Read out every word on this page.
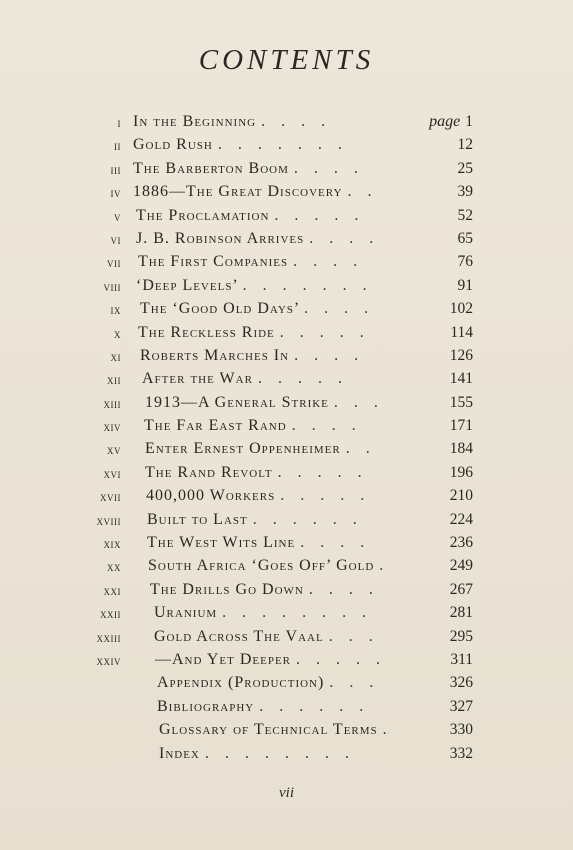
CONTENTS
i In the Beginning . . . .	page 1
ii Gold Rush . . . . . . .	12
iii The Barberton Boom . . . .	25
iv 1886—The Great Discovery . .	39
v The Proclamation . . . . .	52
vi J. B. Robinson Arrives . . . .	65
vii The First Companies . . . .	76
viii ‘Deep Levels’ . . . . . . .	91
ix The ‘Good Old Days’ . . . .	102
x The Reckless Ride . . . . .	114
xi Roberts Marches In . . . .	126
xii After the War . . . . .	141
xiii 1913—A General Strike . . .	155
xiv The Far East Rand . . . .	171
xv Enter Ernest Oppenheimer . .	184
xvi The Rand Revolt . . . . .	196
xvii 400,000 Workers . . . . .	210
xviii Built to Last . . . . . .	224
xix The West Wits Line . . . .	236
xx South Africa ‘Goes Off’ Gold .	249
xxi The Drills Go Down . . . .	267
xxii Uranium . . . . . . . .	281
xxiii Gold Across The Vaal . . .	295
xxiv —And Yet Deeper . . . . .	311
Appendix (Production) . . .	326
Bibliography . . . . . .	327
Glossary of Technical Terms .	330
Index . . . . . . . .	332
vii
